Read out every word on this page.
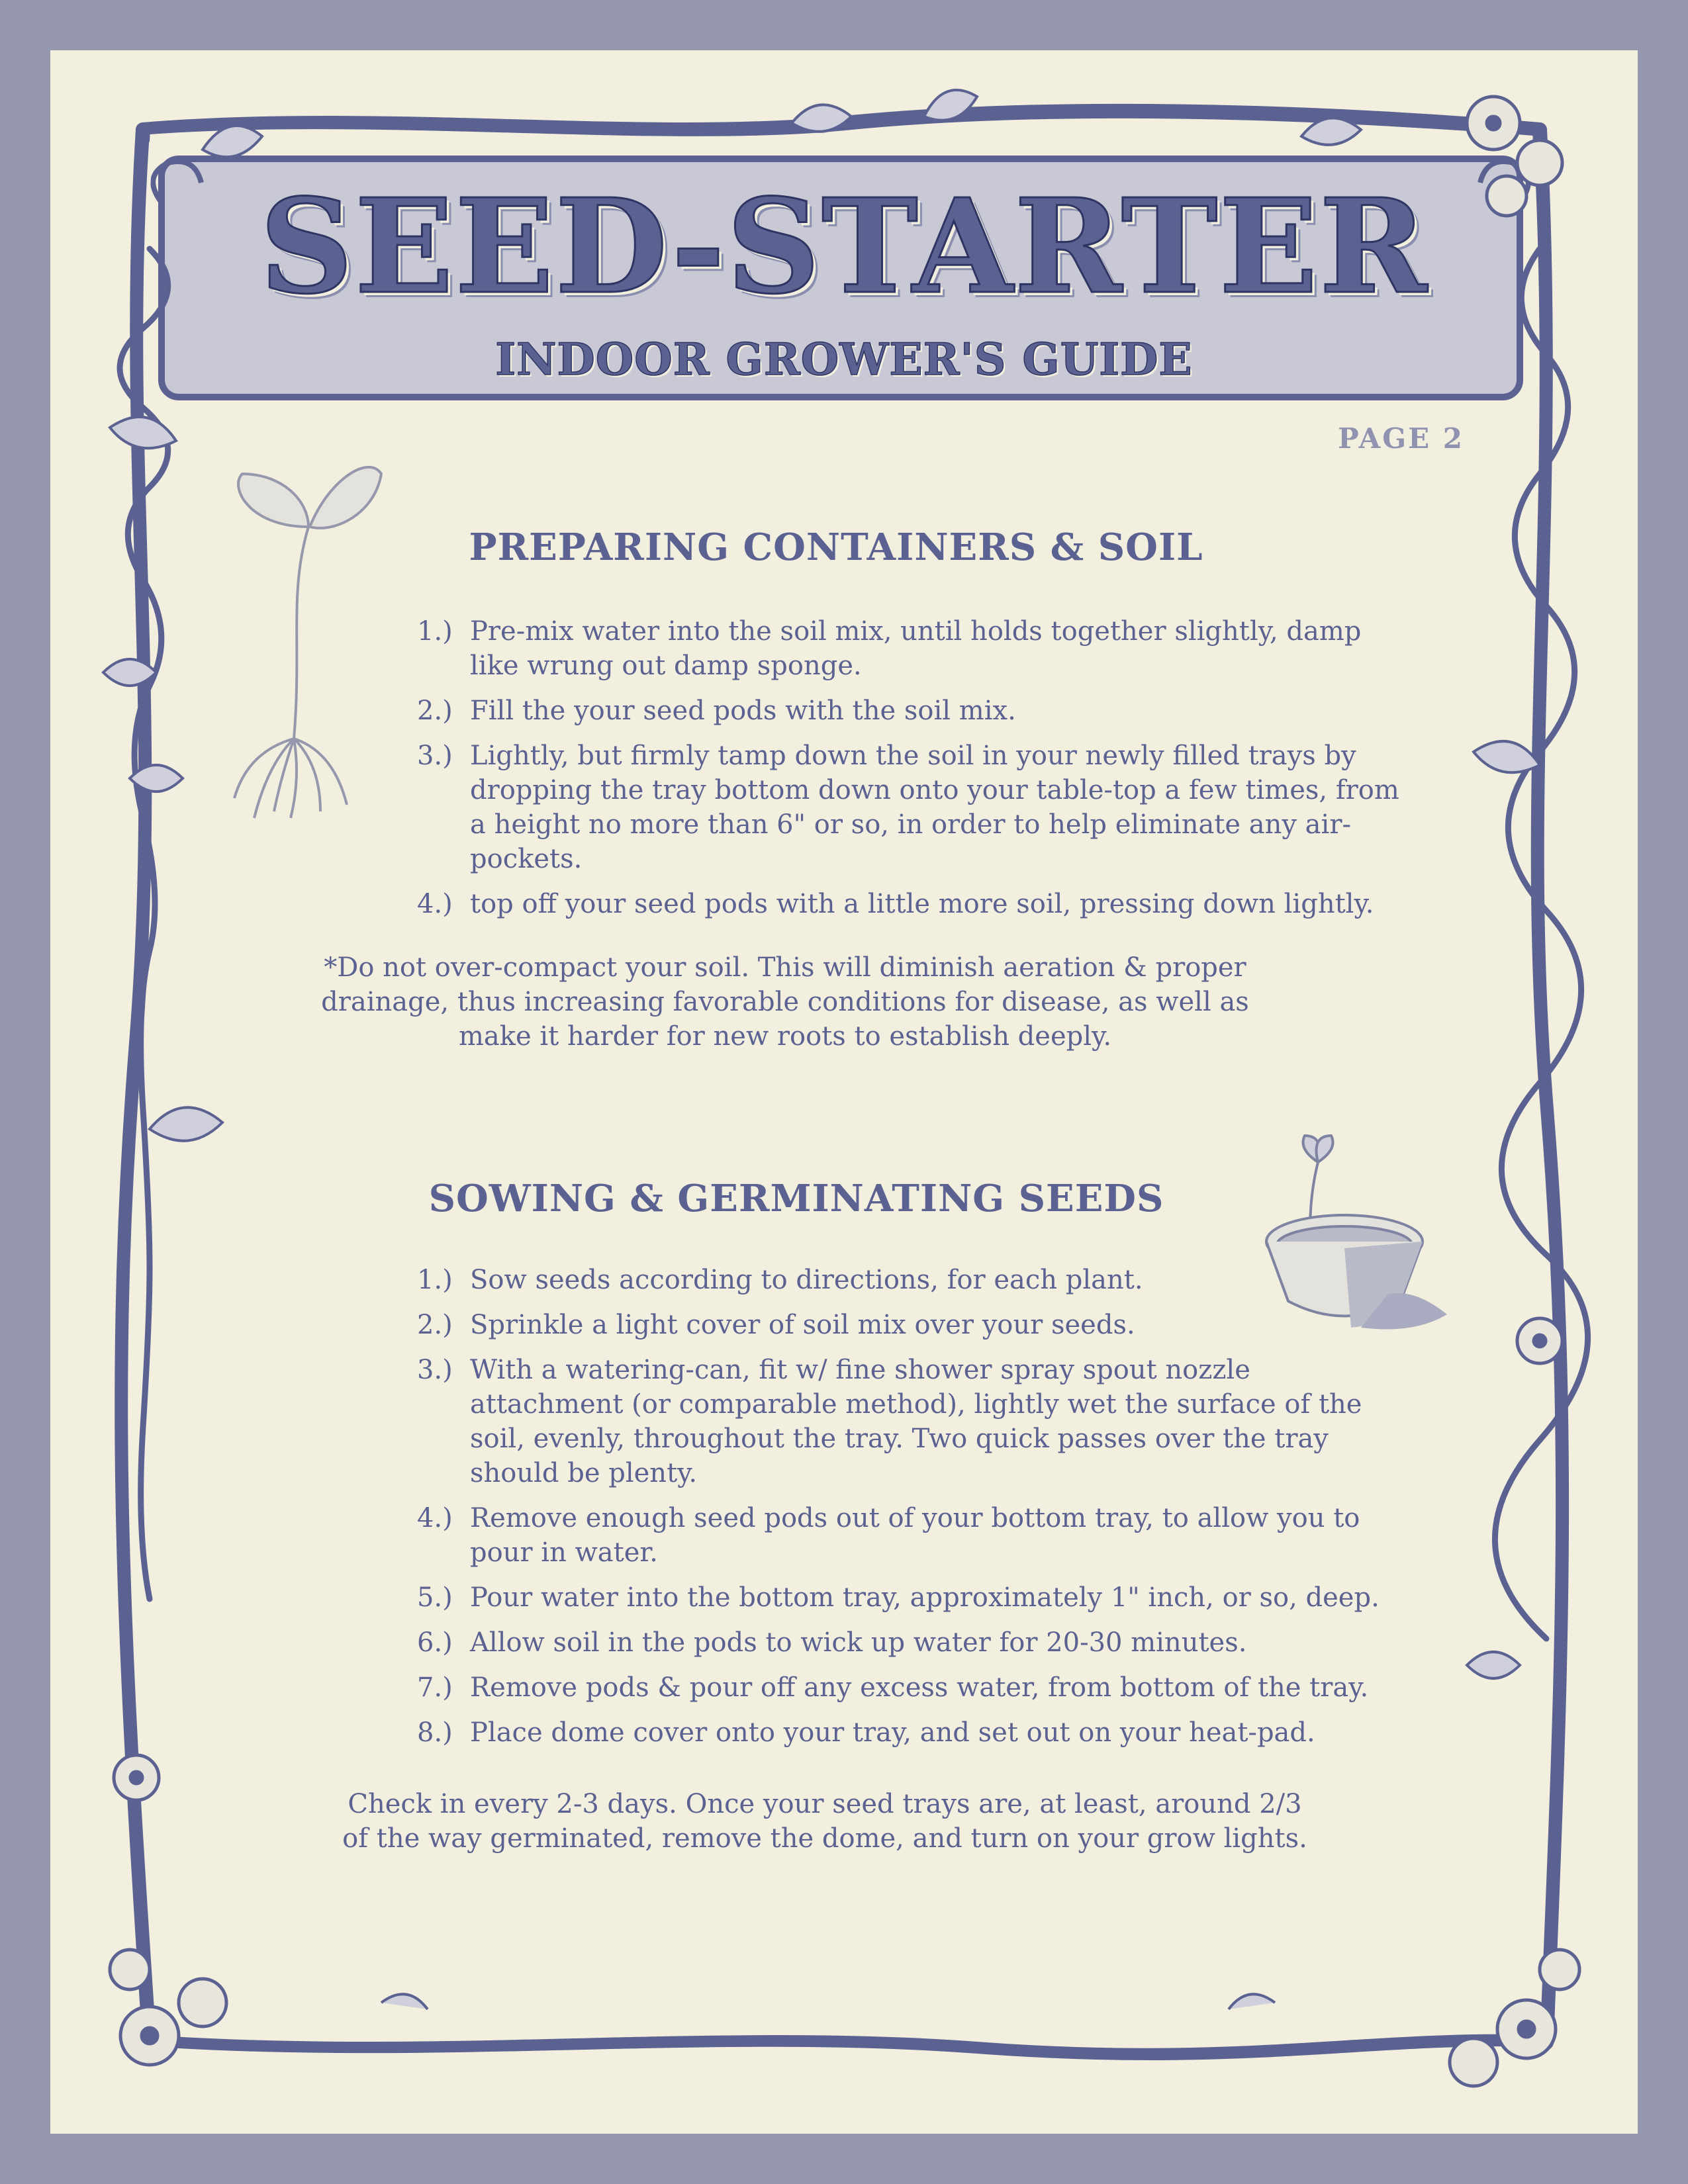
SEED-STARTER
INDOOR GROWER'S GUIDE
PAGE 2
PREPARING CONTAINERS & SOIL
1.) Pre-mix water into the soil mix, until holds together slightly, damp like wrung out damp sponge.
2.) Fill the your seed pods with the soil mix.
3.) Lightly, but firmly tamp down the soil in your newly filled trays by dropping the tray bottom down onto your table-top a few times, from a height no more than 6" or so, in order to help eliminate any air-pockets.
4.) top off your seed pods with a little more soil, pressing down lightly.
*Do not over-compact your soil. This will diminish aeration & proper drainage, thus increasing favorable conditions for disease, as well as make it harder for new roots to establish deeply.
SOWING & GERMINATING SEEDS
1.) Sow seeds according to directions, for each plant.
2.) Sprinkle a light cover of soil mix over your seeds.
3.) With a watering-can, fit w/ fine shower spray spout nozzle attachment (or comparable method), lightly wet the surface of the soil, evenly, throughout the tray. Two quick passes over the tray should be plenty.
4.) Remove enough seed pods out of your bottom tray, to allow you to pour in water.
5.) Pour water into the bottom tray, approximately 1" inch, or so, deep.
6.) Allow soil in the pods to wick up water for 20-30 minutes.
7.) Remove pods & pour off any excess water, from bottom of the tray.
8.) Place dome cover onto your tray, and set out on your heat-pad.
Check in every 2-3 days. Once your seed trays are, at least, around 2/3 of the way germinated, remove the dome, and turn on your grow lights.
